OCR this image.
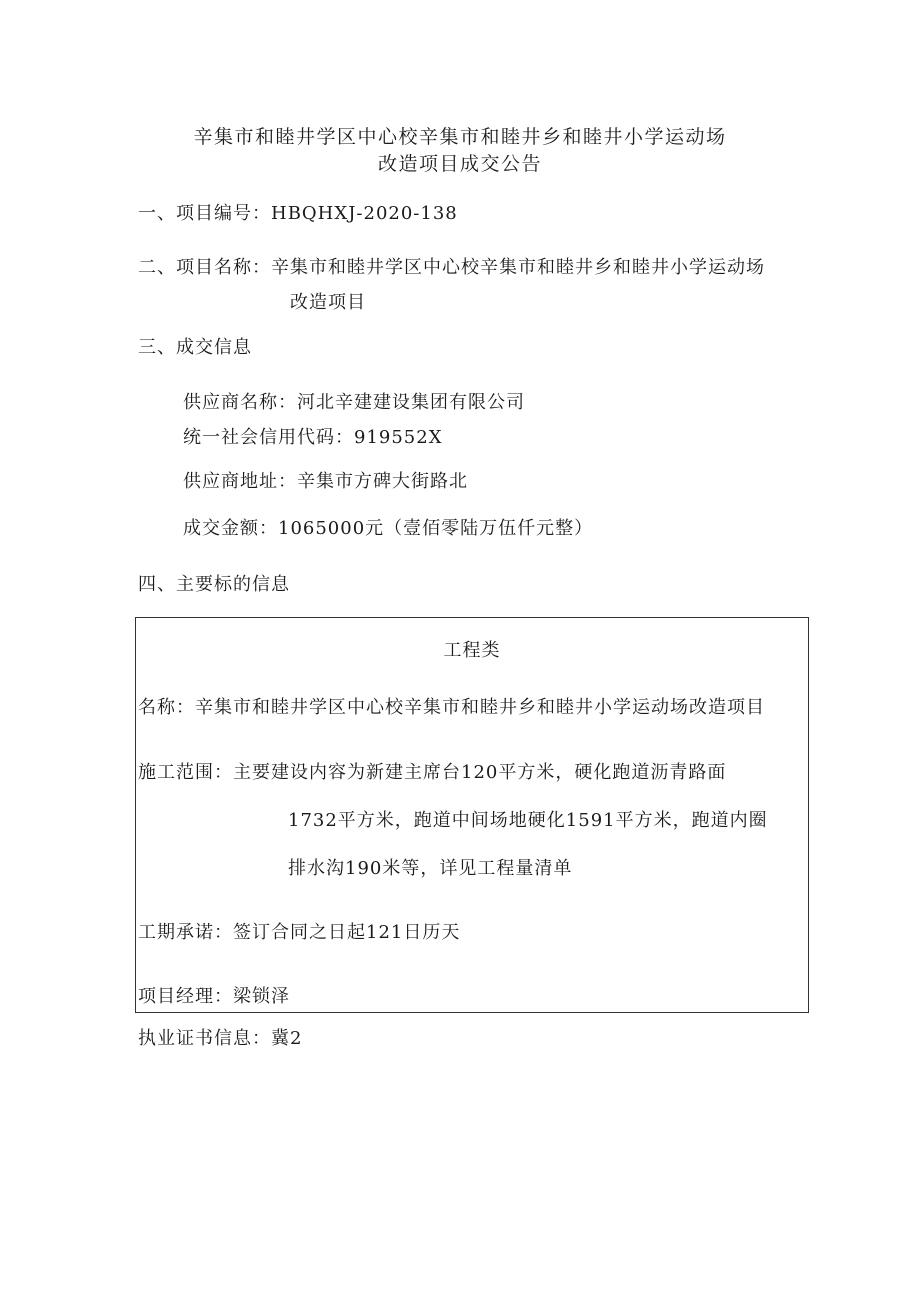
辛集市和睦井学区中心校辛集市和睦井乡和睦井小学运动场
改造项目成交公告
一、项目编号：HBQHXJ-2020-138
二、项目名称：辛集市和睦井学区中心校辛集市和睦井乡和睦井小学运动场
改造项目
三、成交信息
供应商名称：河北辛建建设集团有限公司
统一社会信用代码：919552X
供应商地址：辛集市方碑大街路北
成交金额：1065000元（壹佰零陆万伍仟元整）
四、主要标的信息
工程类
名称：辛集市和睦井学区中心校辛集市和睦井乡和睦井小学运动场改造项目
施工范围：主要建设内容为新建主席台120平方米，硬化跑道沥青路面
1732平方米，跑道中间场地硬化1591平方米，跑道内圈
排水沟190米等，详见工程量清单
工期承诺：签订合同之日起121日历天
项目经理：梁锁泽
执业证书信息：冀2
